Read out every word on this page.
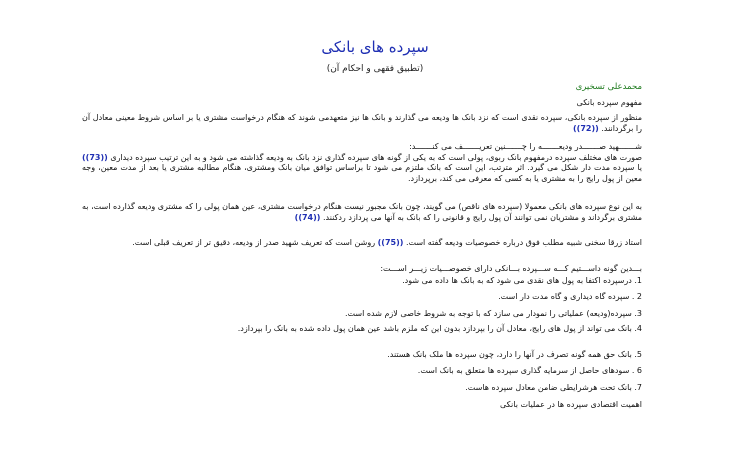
سپرده های بانکی
(تطبیق فقهی و احکام آن)
محمدعلی تسخیری
مفهوم سپرده بانکی
منظور از سپرده بانکی، سپرده نقدی است که نزد بانک ها ودیعه می گذارند و بانک ها نیز متعهدمی شوند که هنگام درخواست مشتری یا بر اساس شروط معینی معادل آن را برگردانند. ((72))
شـــــــهید صـــــــدر ودیعـــــــه را چـــــــنین تعریـــــــف می کنـــــــد:
صورت های مختلف سپرده درمفهوم بانک ربوی، پولی است که به یکی از گونه های سپرده گذاری نزد بانک به ودیعه گذاشته می شود و به این ترتیب سپرده دیداری ((73)) یا سپرده مدت دار شکل می گیرد. اثر مترتب، این است که بانک ملتزم می شود تا براساس توافق میان بانک ومشتری، هنگام مطالبه مشتری یا بعد از مدت معین، وجه معین از پول رایج را به مشتری یا به کسی که معرفی می کند، برپردازد.
به این نوع سپرده های بانکی معمولا (سپرده های ناقص) می گویند، چون بانک مجبور نیست هنگام درخواست مشتری، عین همان پولی را که مشتری ودیعه گذارده است، به مشتری برگرداند و مشتریان نمی توانند آن پول رایج و قانونی را که بانک به آنها می پردازد ردکنند. ((74))
استاد زرقا سخنی شبیه مطلب فوق درباره خصوصیات ودیعه گفته است. ((75)) روشن است که تعریف شهید صدر از ودیعه، دقیق تر از تعریف قبلی است.
بـــدین گونه داســـتیم کـــه ســـپرده بـــانکی دارای خصوصـــیات زیـــر اســـت:
1. درسپرده اکتفا به پول های نقدی می شود که به بانک ها داده می شود.
2 . سپرده گاه دیداری و گاه مدت دار است.
3. سپرده(ودیعه) عملیاتی را نمودار می سازد که با توجه به شروط خاصی لازم شده است.
4. بانک می تواند از پول های رایج، معادل آن را بپردازد بدون این که ملزم باشد عین همان پول داده شده به بانک را بپردازد.
5. بانک حق همه گونه تصرف در آنها را دارد، چون سپرده ها ملک بانک هستند.
6 . سودهای حاصل از سرمایه گذاری سپرده ها متعلق به بانک است.
7. بانک تحت هرشرایطی ضامن معادل سپرده هاست.
اهمیت اقتصادی سپرده ها در عملیات بانکی
